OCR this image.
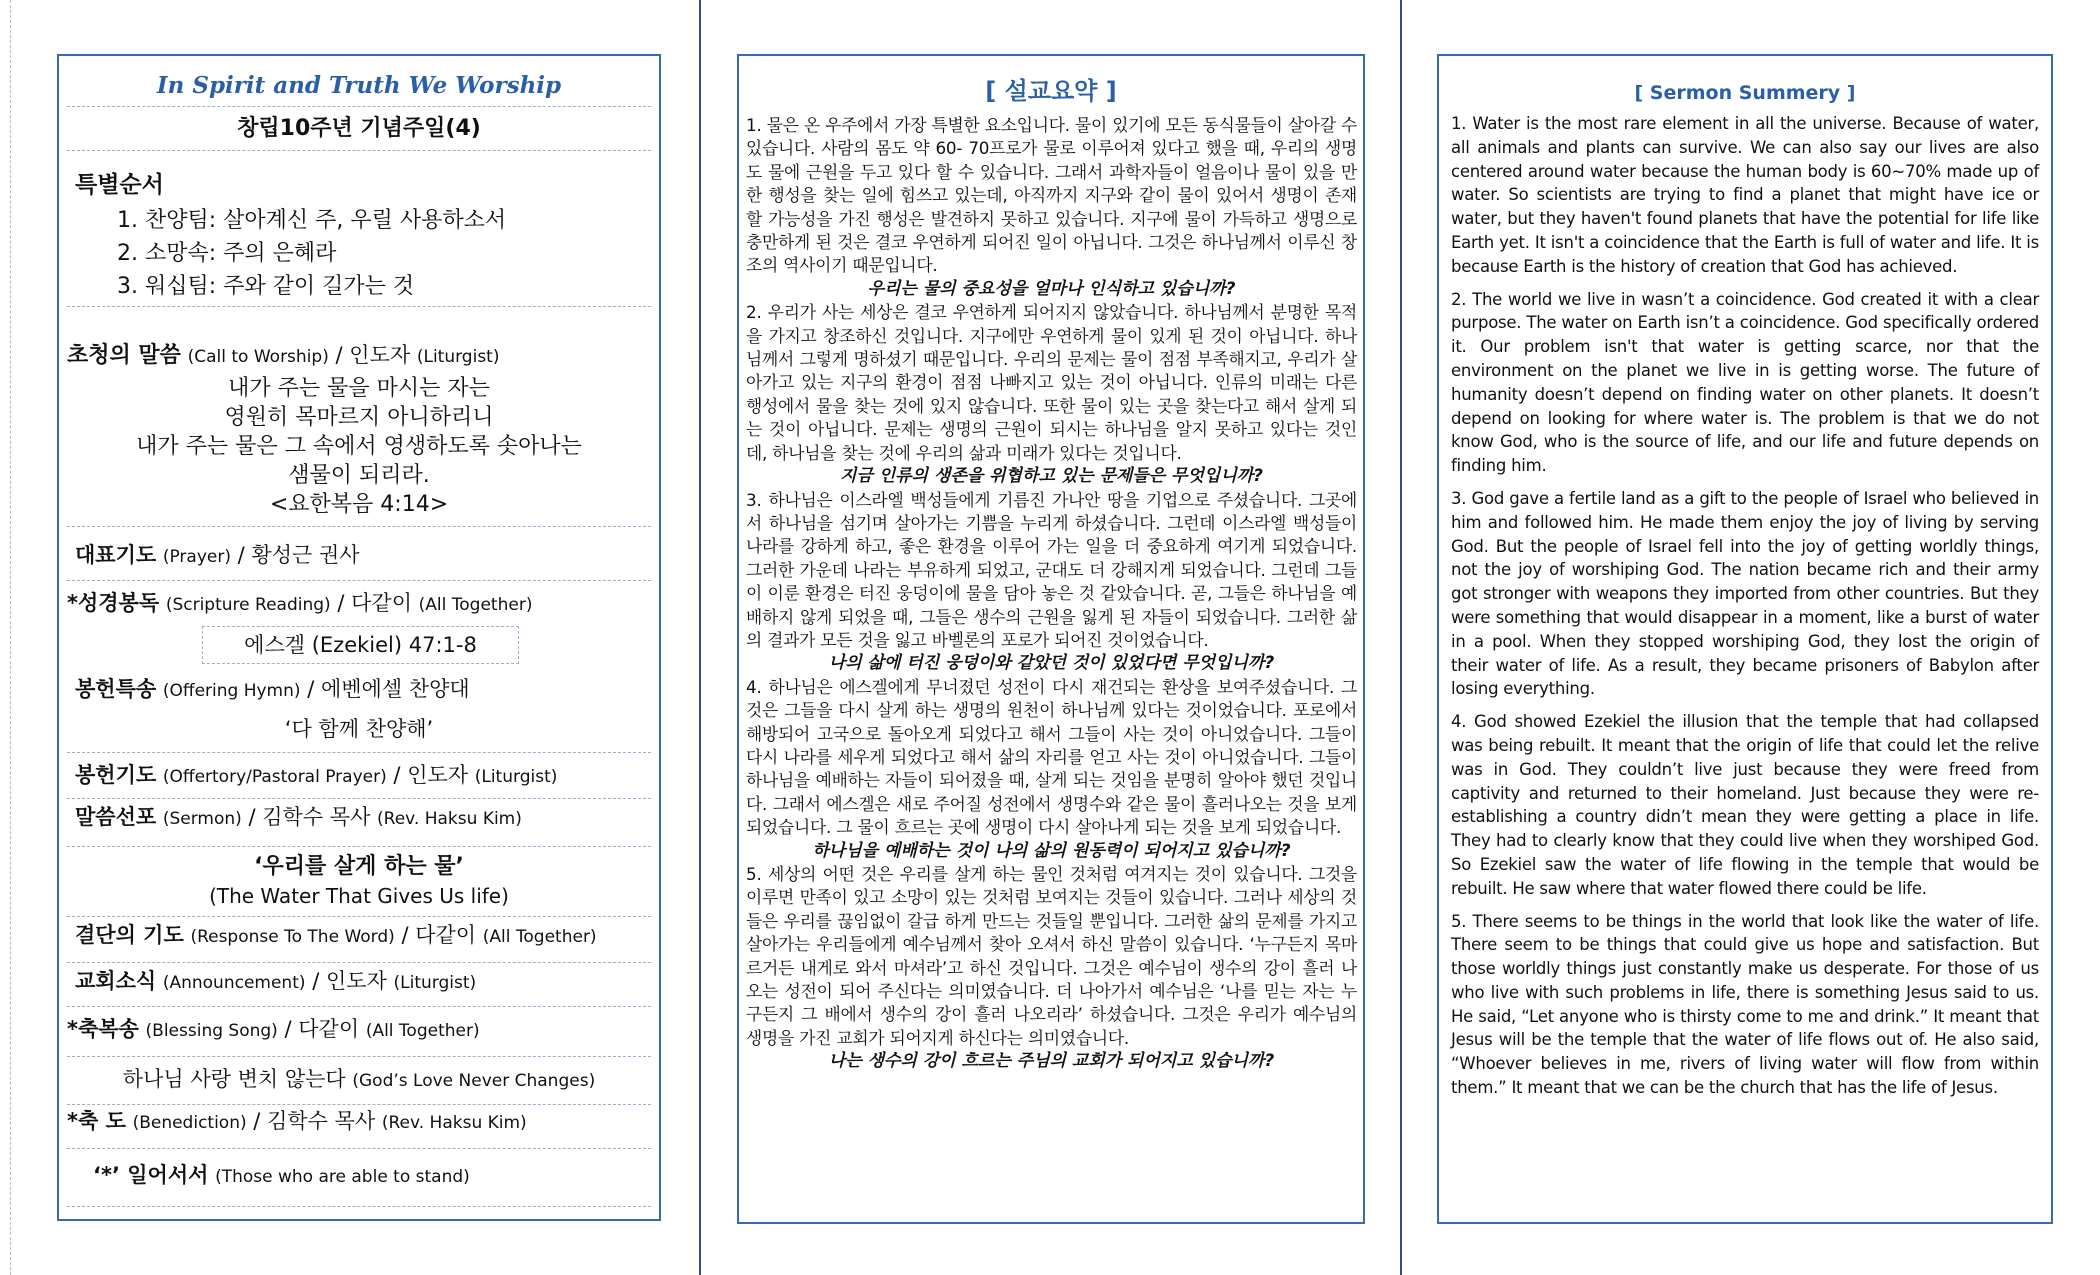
In Spirit and Truth We Worship
창립10주년 기념주일(4)
특별순서
1. 찬양팀: 살아계신 주, 우릴 사용하소서
2. 소망속: 주의 은혜라
3. 워십팀: 주와 같이 길가는 것
초청의 말씀 (Call to Worship) / 인도자 (Liturgist)
내가 주는 물을 마시는 자는
영원히 목마르지 아니하리니
내가 주는 물은 그 속에서 영생하도록 솟아나는
샘물이 되리라.
<요한복음 4:14>
대표기도 (Prayer) / 황성근 권사
*성경봉독 (Scripture Reading) / 다같이 (All Together)
에스겔 (Ezekiel) 47:1-8
봉헌특송 (Offering Hymn) / 에벤에셀 찬양대
‘다 함께 찬양해’
봉헌기도 (Offertory/Pastoral Prayer) / 인도자 (Liturgist)
말씀선포 (Sermon) / 김학수 목사 (Rev. Haksu Kim)
‘우리를 살게 하는 물’
(The Water That Gives Us life)
결단의 기도 (Response To The Word) / 다같이 (All Together)
교회소식 (Announcement) / 인도자 (Liturgist)
*축복송 (Blessing Song) / 다같이 (All Together)
하나님 사랑 변치 않는다 (God’s Love Never Changes)
*축 도 (Benediction) / 김학수 목사 (Rev. Haksu Kim)
‘*’ 일어서서 (Those who are able to stand)
[ 설교요약 ]

1. 물은 온 우주에서 가장 특별한 요소입니다. 물이 있기에 모든 동식물들이 살아갈 수 있습니다. 사람의 몸도 약 60- 70프로가 물로 이루어져 있다고 했을 때, 우리의 생명도 물에 근원을 두고 있다 할 수 있습니다. 그래서 과학자들이 얼음이나 물이 있을 만한 행성을 찾는 일에 힘쓰고 있는데, 아직까지 지구와 같이 물이 있어서 생명이 존재할 가능성을 가진 행성은 발견하지 못하고 있습니다. 지구에 물이 가득하고 생명으로 충만하게 된 것은 결코 우연하게 되어진 일이 아닙니다. 그것은 하나님께서 이루신 창조의 역사이기 때문입니다.

우리는 물의 중요성을 얼마나 인식하고 있습니까?

2. 우리가 사는 세상은 결코 우연하게 되어지지 않았습니다. 하나님께서 분명한 목적을 가지고 창조하신 것입니다. 지구에만 우연하게 물이 있게 된 것이 아닙니다. 하나님께서 그렇게 명하셨기 때문입니다. 우리의 문제는 물이 점점 부족해지고, 우리가 살아가고 있는 지구의 환경이 점점 나빠지고 있는 것이 아닙니다. 인류의 미래는 다른 행성에서 물을 찾는 것에 있지 않습니다. 또한 물이 있는 곳을 찾는다고 해서 살게 되는 것이 아닙니다. 문제는 생명의 근원이 되시는 하나님을 알지 못하고 있다는 것인데, 하나님을 찾는 것에 우리의 삶과 미래가 있다는 것입니다.

지금 인류의 생존을 위협하고 있는 문제들은 무엇입니까?

3. 하나님은 이스라엘 백성들에게 기름진 가나안 땅을 기업으로 주셨습니다. 그곳에서 하나님을 섬기며 살아가는 기쁨을 누리게 하셨습니다. 그런데 이스라엘 백성들이 나라를 강하게 하고, 좋은 환경을 이루어 가는 일을 더 중요하게 여기게 되었습니다. 그러한 가운데 나라는 부유하게 되었고, 군대도 더 강해지게 되었습니다. 그런데 그들이 이룬 환경은 터진 웅덩이에 물을 담아 놓은 것 같았습니다. 곧, 그들은 하나님을 예배하지 않게 되었을 때, 그들은 생수의 근원을 잃게 된 자들이 되었습니다. 그러한 삶의 결과가 모든 것을 잃고 바벨론의 포로가 되어진 것이었습니다.

나의 삶에 터진 웅덩이와 같았던 것이 있었다면 무엇입니까?

4. 하나님은 에스겔에게 무너졌던 성전이 다시 재건되는 환상을 보여주셨습니다. 그것은 그들을 다시 살게 하는 생명의 원천이 하나님께 있다는 것이었습니다. 포로에서 해방되어 고국으로 돌아오게 되었다고 해서 그들이 사는 것이 아니었습니다. 그들이 다시 나라를 세우게 되었다고 해서 삶의 자리를 얻고 사는 것이 아니었습니다. 그들이 하나님을 예배하는 자들이 되어졌을 때, 살게 되는 것임을 분명히 알아야 했던 것입니다. 그래서 에스겔은 새로 주어질 성전에서 생명수와 같은 물이 흘러나오는 것을 보게 되었습니다. 그 물이 흐르는 곳에 생명이 다시 살아나게 되는 것을 보게 되었습니다.

하나님을 예배하는 것이 나의 삶의 원동력이 되어지고 있습니까?

5. 세상의 어떤 것은 우리를 살게 하는 물인 것처럼 여겨지는 것이 있습니다. 그것을 이루면 만족이 있고 소망이 있는 것처럼 보여지는 것들이 있습니다. 그러나 세상의 것들은 우리를 끊임없이 갈급 하게 만드는 것들일 뿐입니다. 그러한 삶의 문제를 가지고 살아가는 우리들에게 예수님께서 찾아 오셔서 하신 말씀이 있습니다. ‘누구든지 목마르거든 내게로 와서 마셔라’고 하신 것입니다. 그것은 예수님이 생수의 강이 흘러 나오는 성전이 되어 주신다는 의미였습니다. 더 나아가서 예수님은 ‘나를 믿는 자는 누구든지 그 배에서 생수의 강이 흘러 나오리라’ 하셨습니다. 그것은 우리가 예수님의 생명을 가진 교회가 되어지게 하신다는 의미였습니다.

나는 생수의 강이 흐르는 주님의 교회가 되어지고 있습니까?
[ Sermon Summery ]

1. Water is the most rare element in all the universe. Because of water, all animals and plants can survive. We can also say our lives are also centered around water because the human body is 60~70% made up of water. So scientists are trying to find a planet that might have ice or water, but they haven't found planets that have the potential for life like Earth yet. It isn't a coincidence that the Earth is full of water and life. It is because Earth is the history of creation that God has achieved.

2. The world we live in wasn’t a coincidence. God created it with a clear purpose. The water on Earth isn’t a coincidence. God specifically ordered it. Our problem isn't that water is getting scarce, nor that the environment on the planet we live in is getting worse. The future of humanity doesn’t depend on finding water on other planets. It doesn’t depend on looking for where water is. The problem is that we do not know God, who is the source of life, and our life and future depends on finding him.

3. God gave a fertile land as a gift to the people of Israel who believed in him and followed him. He made them enjoy the joy of living by serving God. But the people of Israel fell into the joy of getting worldly things, not the joy of worshiping God. The nation became rich and their army got stronger with weapons they imported from other countries. But they were something that would disappear in a moment, like a burst of water in a pool. When they stopped worshiping God, they lost the origin of their water of life. As a result, they became prisoners of Babylon after losing everything.

4. God showed Ezekiel the illusion that the temple that had collapsed was being rebuilt. It meant that the origin of life that could let the relive was in God. They couldn’t live just because they were freed from captivity and returned to their homeland. Just because they were re-establishing a country didn’t mean they were getting a place in life. They had to clearly know that they could live when they worshiped God. So Ezekiel saw the water of life flowing in the temple that would be rebuilt. He saw where that water flowed there could be life.

5. There seems to be things in the world that look like the water of life. There seem to be things that could give us hope and satisfaction. But those worldly things just constantly make us desperate. For those of us who live with such problems in life, there is something Jesus said to us. He said, “Let anyone who is thirsty come to me and drink.” It meant that Jesus will be the temple that the water of life flows out of. He also said, “Whoever believes in me, rivers of living water will flow from within them.” It meant that we can be the church that has the life of Jesus.
